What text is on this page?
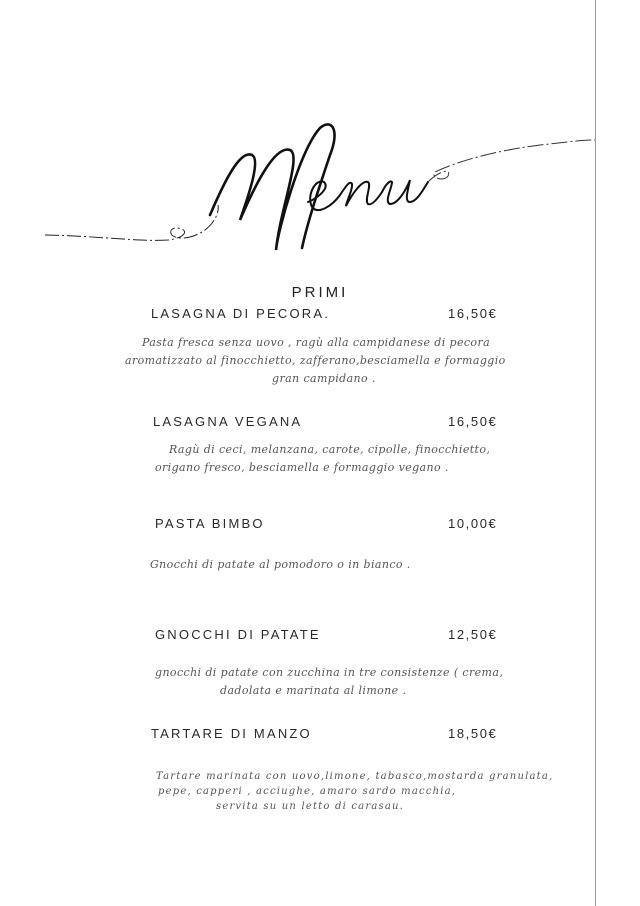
PRIMI
LASAGNA DI PECORA.	16,50€
Pasta fresca senza uovo , ragù alla campidanese di pecora
aromatizzato al finocchietto, zafferano,besciamella e formaggio
gran campidano .
LASAGNA VEGANA	16,50€
Ragù di ceci, melanzana, carote, cipolle, finocchietto,
origano fresco, besciamella e formaggio vegano .
PASTA BIMBO	10,00€
Gnocchi di patate al pomodoro o in bianco .
GNOCCHI DI PATATE	12,50€
gnocchi di patate con zucchina in tre consistenze ( crema,
dadolata e marinata al limone .
TARTARE DI MANZO	18,50€
Tartare marinata con uovo,limone, tabasco,mostarda granulata,
pepe, capperi , acciughe, amaro sardo macchia,
servita su un letto di carasau.
